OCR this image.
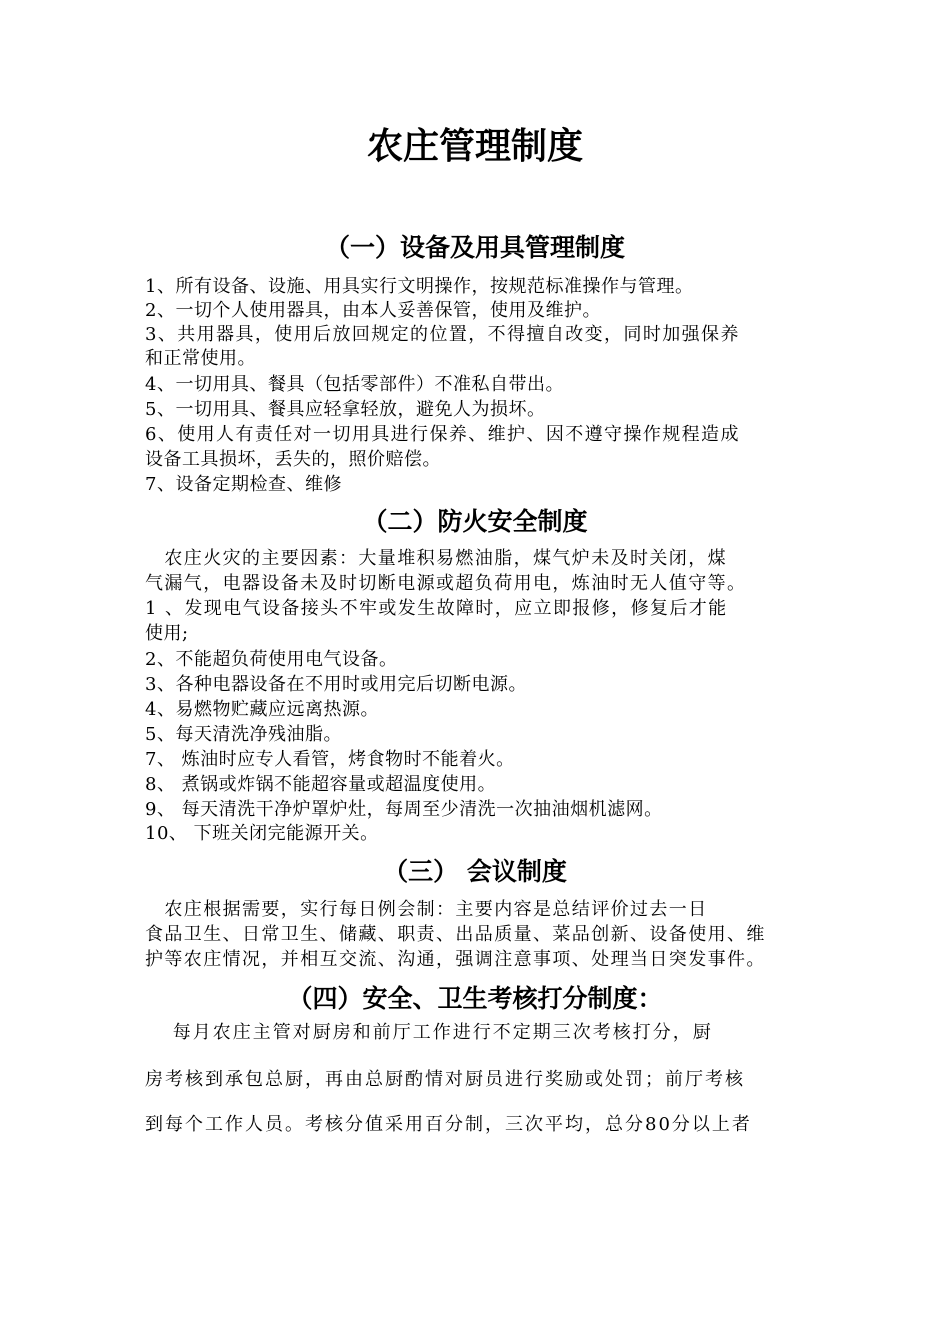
农庄管理制度
（一）设备及用具管理制度
1、所有设备、设施、用具实行文明操作，按规范标准操作与管理。
2、一切个人使用器具，由本人妥善保管，使用及维护。
3、共用器具，使用后放回规定的位置，不得擅自改变，同时加强保养
和正常使用。
4、一切用具、餐具（包括零部件）不准私自带出。
5、一切用具、餐具应轻拿轻放，避免人为损坏。
6、使用人有责任对一切用具进行保养、维护、因不遵守操作规程造成
设备工具损坏，丢失的，照价赔偿。
7、设备定期检查、维修
（二）防火安全制度
　农庄火灾的主要因素：大量堆积易燃油脂，煤气炉未及时关闭，煤
气漏气，电器设备未及时切断电源或超负荷用电，炼油时无人值守等。
1 、发现电气设备接头不牢或发生故障时，应立即报修，修复后才能
使用;
2、不能超负荷使用电气设备。
3、各种电器设备在不用时或用完后切断电源。
4、易燃物贮藏应远离热源。
5、每天清洗净残油脂。
7、 炼油时应专人看管，烤食物时不能着火。
8、 煮锅或炸锅不能超容量或超温度使用。
9、 每天清洗干净炉罩炉灶，每周至少清洗一次抽油烟机滤网。
10、 下班关闭完能源开关。
（三） 会议制度
　农庄根据需要，实行每日例会制：主要内容是总结评价过去一日
食品卫生、日常卫生、储藏、职责、出品质量、菜品创新、设备使用、维
护等农庄情况，并相互交流、沟通，强调注意事项、处理当日突发事件。
（四）安全、卫生考核打分制度：
　 每月农庄主管对厨房和前厅工作进行不定期三次考核打分，厨
房考核到承包总厨，再由总厨酌情对厨员进行奖励或处罚；前厅考核
到每个工作人员。考核分值采用百分制，三次平均，总分80分以上者
